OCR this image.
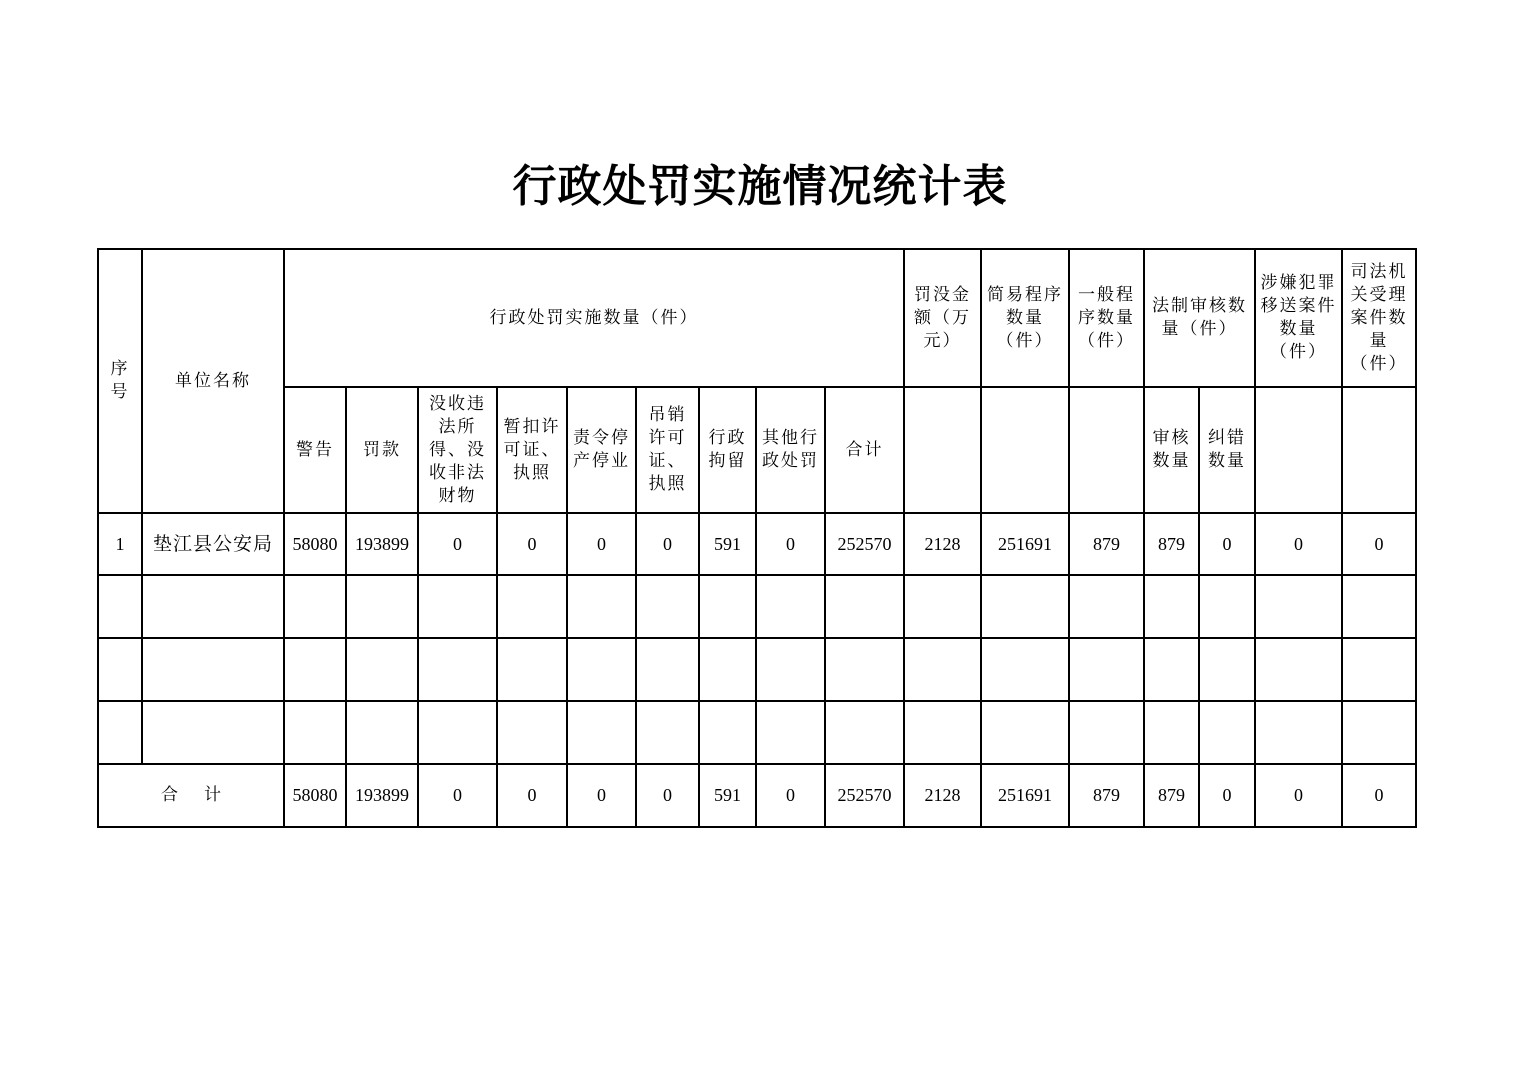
行政处罚实施情况统计表
序号	单位名称	行政处罚实施数量（件）									罚没金额（万元）	简易程序数量（件）	一般程序数量（件）	法制审核数量（件）		涉嫌犯罪移送案件数量（件）	司法机关受理案件数量（件）
		警告	罚款	没收违法所得、没收非法财物	暂扣许可证、执照	责令停产停业	吊销许可证、执照	行政拘留	其他行政处罚	合计				审核数量	纠错数量		
1	垫江县公安局	58080	193899	0	0	0	0	591	0	252570	2128	251691	879	879	0	0	0

合 计		58080	193899	0	0	0	0	591	0	252570	2128	251691	879	879	0	0	0
